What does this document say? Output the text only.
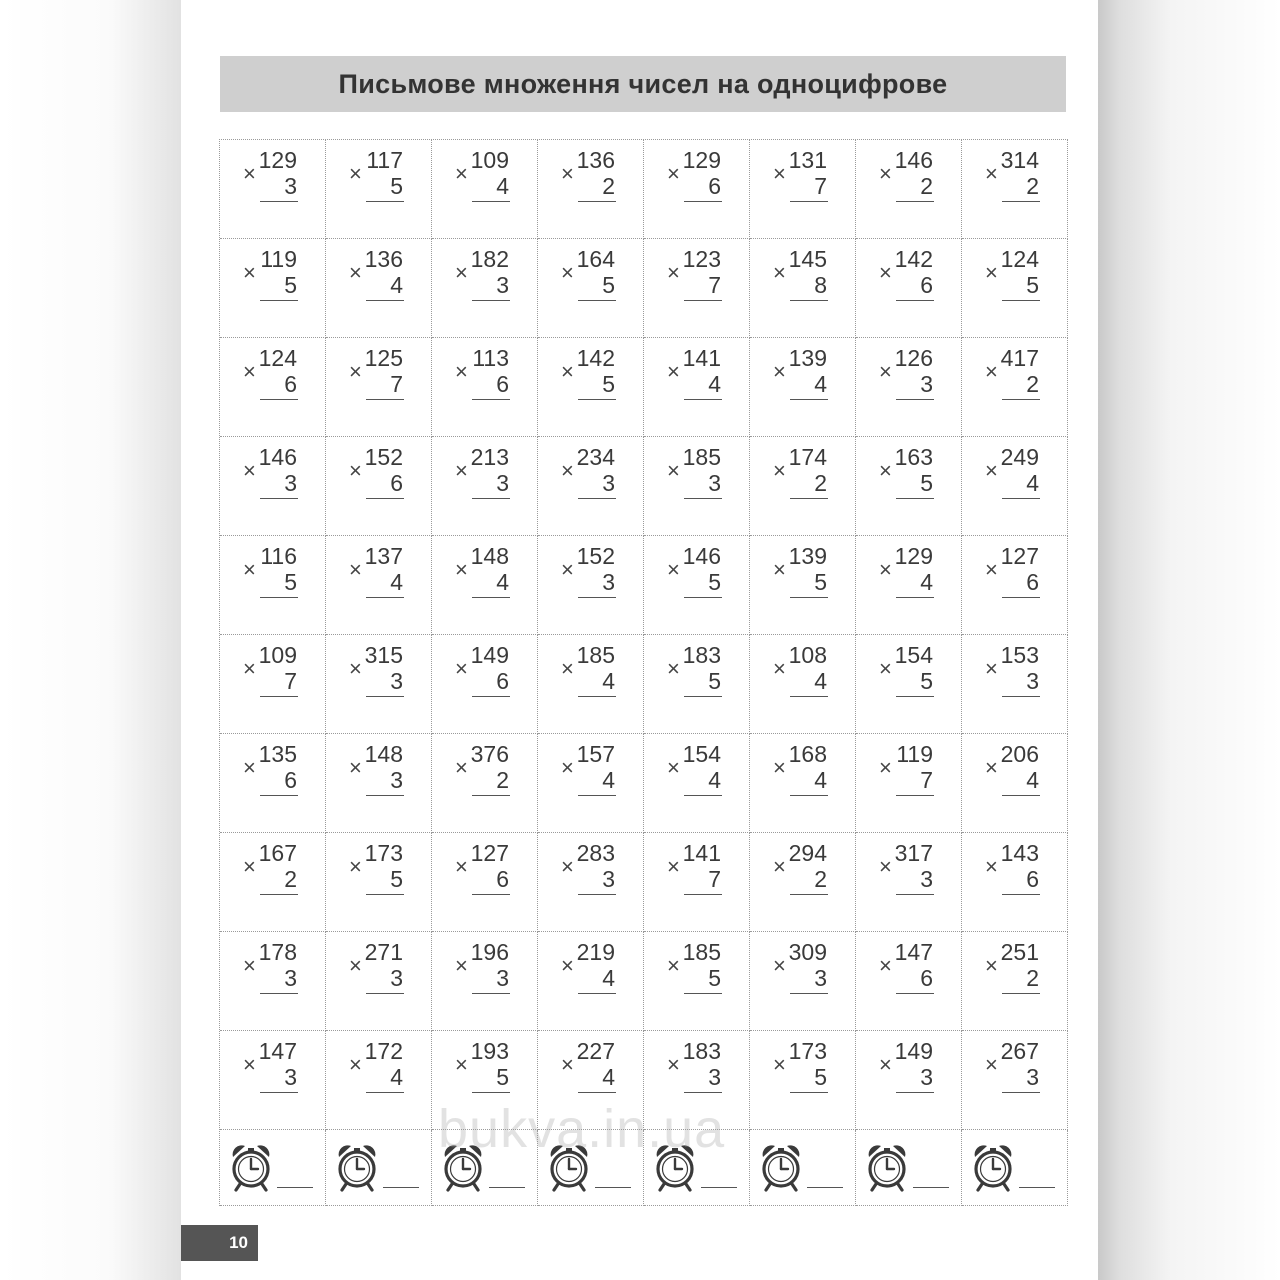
Письмове множення чисел на одноцифрове
×
129
3 ×
117
5 ×
109
4 ×
136
2 ×
129
6 ×
131
7 ×
146
2 ×
314
2
×
119
5 ×
136
4 ×
182
3 ×
164
5 ×
123
7 ×
145
8 ×
142
6 ×
124
5
×
124
6 ×
125
7 ×
113
6 ×
142
5 ×
141
4 ×
139
4 ×
126
3 ×
417
2
×
146
3 ×
152
6 ×
213
3 ×
234
3 ×
185
3 ×
174
2 ×
163
5 ×
249
4
×
116
5 ×
137
4 ×
148
4 ×
152
3 ×
146
5 ×
139
5 ×
129
4 ×
127
6
×
109
7 ×
315
3 ×
149
6 ×
185
4 ×
183
5 ×
108
4 ×
154
5 ×
153
3
×
135
6 ×
148
3 ×
376
2 ×
157
4 ×
154
4 ×
168
4 ×
119
7 ×
206
4
×
167
2 ×
173
5 ×
127
6 ×
283
3 ×
141
7 ×
294
2 ×
317
3 ×
143
6
×
178
3 ×
271
3 ×
196
3 ×
219
4 ×
185
5 ×
309
3 ×
147
6 ×
251
2
×
147
3 ×
172
4 ×
193
5 ×
227
4 ×
183
3 ×
173
5 ×
149
3 ×
267
3
bukva.in.ua
10
